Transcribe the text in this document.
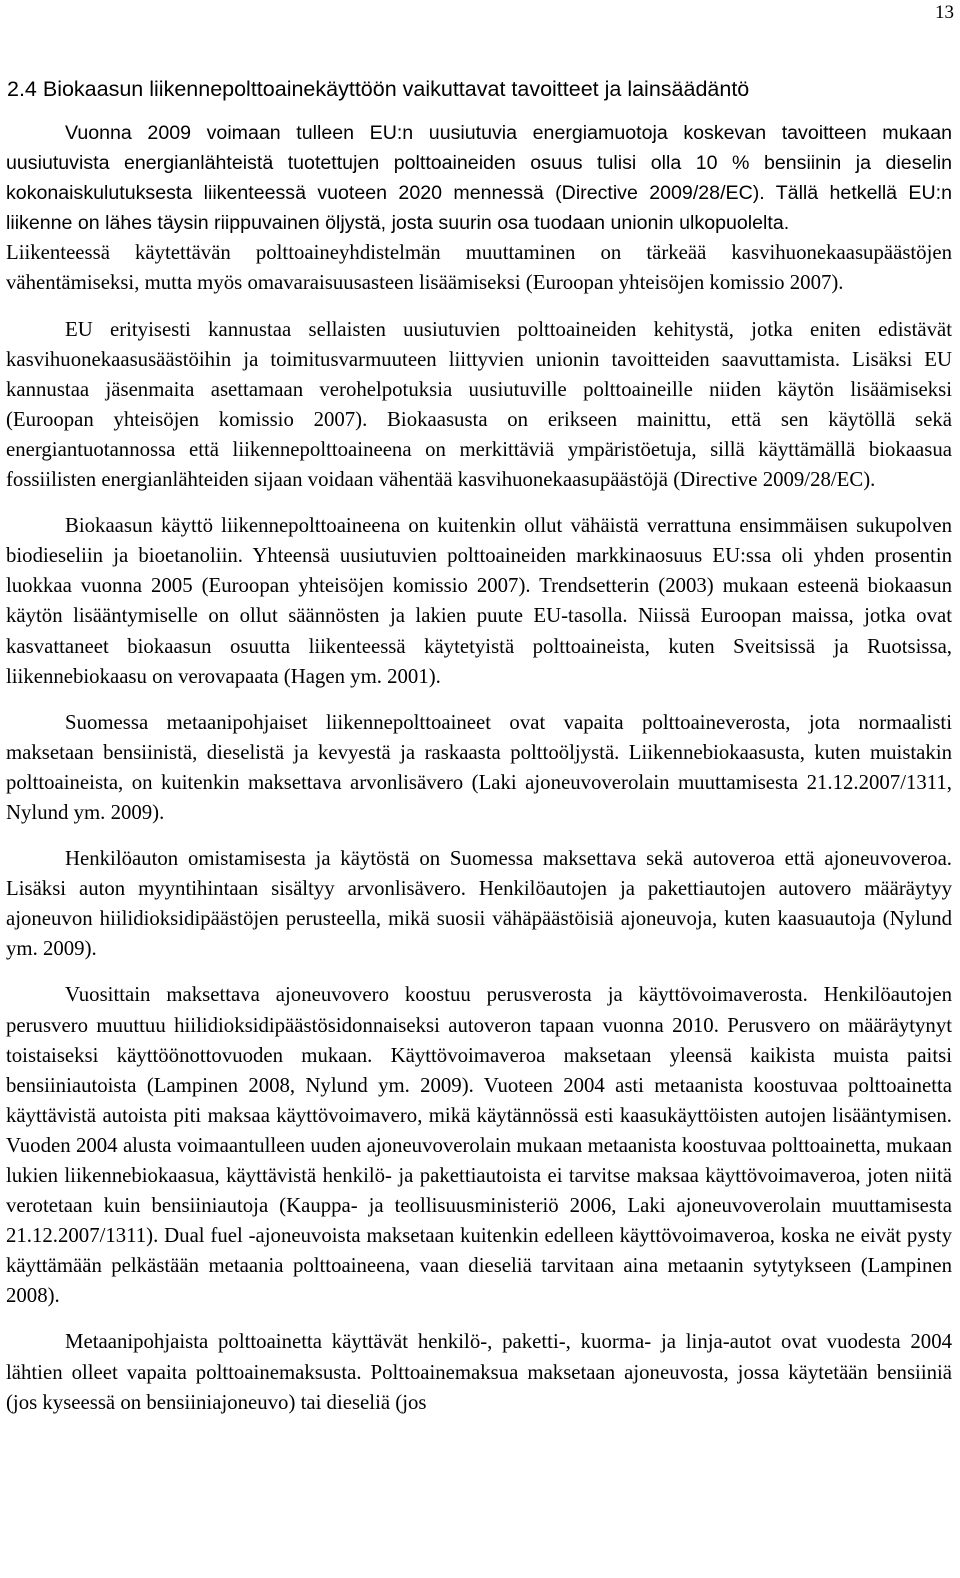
13
2.4 Biokaasun liikennepolttoainekäyttöön vaikuttavat tavoitteet ja lainsäädäntö

Vuonna 2009 voimaan tulleen EU:n uusiutuvia energiamuotoja koskevan tavoitteen mukaan uusiutuvista energianlähteistä tuotettujen polttoaineiden osuus tulisi olla 10 % bensiinin ja dieselin kokonaiskulutuksesta liikenteessä vuoteen 2020 mennessä (Directive 2009/28/EC). Tällä hetkellä EU:n liikenne on lähes täysin riippuvainen öljystä, josta suurin osa tuodaan unionin ulkopuolelta.

Liikenteessä käytettävän polttoaineyhdistelmän muuttaminen on tärkeää kasvihuonekaasupäästöjen vähentämiseksi, mutta myös omavaraisuusasteen lisäämiseksi (Euroopan yhteisöjen komissio 2007).

EU erityisesti kannustaa sellaisten uusiutuvien polttoaineiden kehitystä, jotka eniten edistävät kasvihuonekaasusäästöihin ja toimitusvarmuuteen liittyvien unionin tavoitteiden saavuttamista. Lisäksi EU kannustaa jäsenmaita asettamaan verohelpotuksia uusiutuville polttoaineille niiden käytön lisäämiseksi (Euroopan yhteisöjen komissio 2007). Biokaasusta on erikseen mainittu, että sen käytöllä sekä energiantuotannossa että liikennepolttoaineena on merkittäviä ympäristöetuja, sillä käyttämällä biokaasua fossiilisten energianlähteiden sijaan voidaan vähentää kasvihuonekaasupäästöjä (Directive 2009/28/EC).

Biokaasun käyttö liikennepolttoaineena on kuitenkin ollut vähäistä verrattuna ensimmäisen sukupolven biodieseliin ja bioetanoliin. Yhteensä uusiutuvien polttoaineiden markkinaosuus EU:ssa oli yhden prosentin luokkaa vuonna 2005 (Euroopan yhteisöjen komissio 2007). Trendsetterin (2003) mukaan esteenä biokaasun käytön lisääntymiselle on ollut säännösten ja lakien puute EU-tasolla. Niissä Euroopan maissa, jotka ovat kasvattaneet biokaasun osuutta liikenteessä käytetyistä polttoaineista, kuten Sveitsissä ja Ruotsissa, liikennebiokaasu on verovapaata (Hagen ym. 2001).

Suomessa metaanipohjaiset liikennepolttoaineet ovat vapaita polttoaineverosta, jota normaalisti maksetaan bensiinistä, dieselistä ja kevyestä ja raskaasta polttoöljystä. Liikennebiokaasusta, kuten muistakin polttoaineista, on kuitenkin maksettava arvonlisävero (Laki ajoneuvoverolain muuttamisesta 21.12.2007/1311, Nylund ym. 2009).

Henkilöauton omistamisesta ja käytöstä on Suomessa maksettava sekä autoveroa että ajoneuvoveroa. Lisäksi auton myyntihintaan sisältyy arvonlisävero. Henkilöautojen ja pakettiautojen autovero määräytyy ajoneuvon hiilidioksidipäästöjen perusteella, mikä suosii vähäpäästöisiä ajoneuvoja, kuten kaasuautoja (Nylund ym. 2009).

Vuosittain maksettava ajoneuvovero koostuu perusverosta ja käyttövoimaverosta. Henkilöautojen perusvero muuttuu hiilidioksidipäästösidonnaiseksi autoveron tapaan vuonna 2010. Perusvero on määräytynyt toistaiseksi käyttöönottovuoden mukaan. Käyttövoimaveroa maksetaan yleensä kaikista muista paitsi bensiiniautoista (Lampinen 2008, Nylund ym. 2009). Vuoteen 2004 asti metaanista koostuvaa polttoainetta käyttävistä autoista piti maksaa käyttövoimavero, mikä käytännössä esti kaasukäyttöisten autojen lisääntymisen. Vuoden 2004 alusta voimaantulleen uuden ajoneuvoverolain mukaan metaanista koostuvaa polttoainetta, mukaan lukien liikennebiokaasua, käyttävistä henkilö- ja pakettiautoista ei tarvitse maksaa käyttövoimaveroa, joten niitä verotetaan kuin bensiiniautoja (Kauppa- ja teollisuusministeriö 2006, Laki ajoneuvoverolain muuttamisesta 21.12.2007/1311). Dual fuel -ajoneuvoista maksetaan kuitenkin edelleen käyttövoimaveroa, koska ne eivät pysty käyttämään pelkästään metaania polttoaineena, vaan dieseliä tarvitaan aina metaanin sytytykseen (Lampinen 2008).

Metaanipohjaista polttoainetta käyttävät henkilö-, paketti-, kuorma- ja linja-autot ovat vuodesta 2004 lähtien olleet vapaita polttoainemaksusta. Polttoainemaksua maksetaan ajoneuvosta, jossa käytetään bensiiniä (jos kyseessä on bensiiniajoneuvo) tai dieseliä (jos
